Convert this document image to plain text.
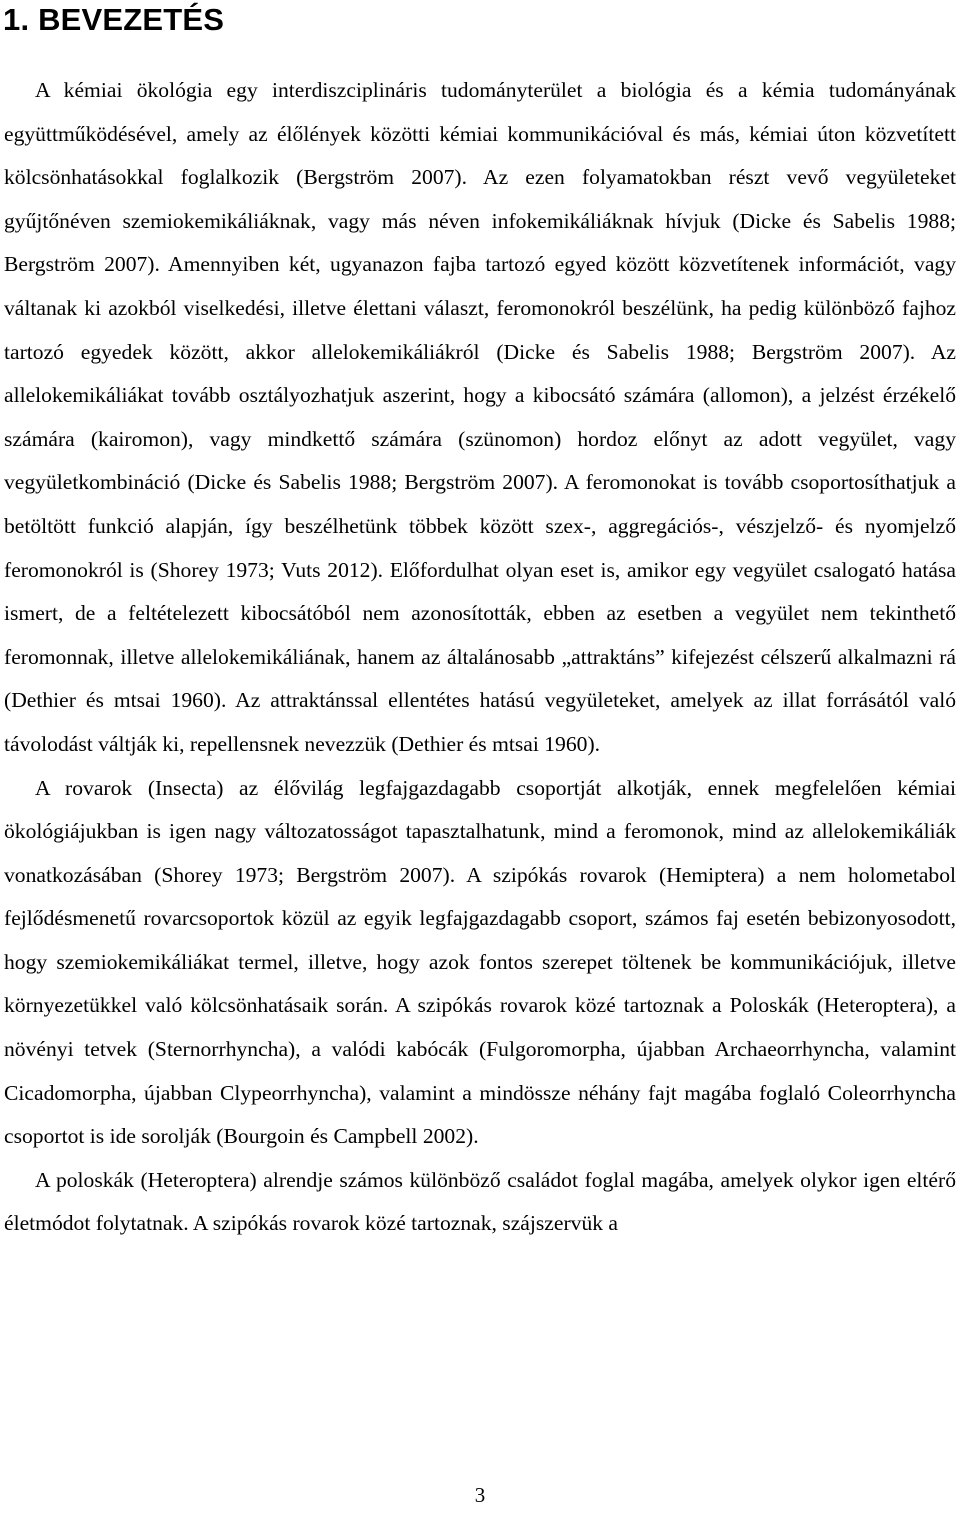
1. BEVEZETÉS

A kémiai ökológia egy interdiszciplináris tudományterület a biológia és a kémia tudományának együttműködésével, amely az élőlények közötti kémiai kommunikációval és más, kémiai úton közvetített kölcsönhatásokkal foglalkozik (Bergström 2007). Az ezen folyamatokban részt vevő vegyületeket gyűjtőnéven szemiokemikáliáknak, vagy más néven infokemikáliáknak hívjuk (Dicke és Sabelis 1988; Bergström 2007). Amennyiben két, ugyanazon fajba tartozó egyed között közvetítenek információt, vagy váltanak ki azokból viselkedési, illetve élettani választ, feromonokról beszélünk, ha pedig különböző fajhoz tartozó egyedek között, akkor allelokemikáliákról (Dicke és Sabelis 1988; Bergström 2007). Az allelokemikáliákat tovább osztályozhatjuk aszerint, hogy a kibocsátó számára (allomon), a jelzést érzékelő számára (kairomon), vagy mindkettő számára (szünomon) hordoz előnyt az adott vegyület, vagy vegyületkombináció (Dicke és Sabelis 1988; Bergström 2007). A feromonokat is tovább csoportosíthatjuk a betöltött funkció alapján, így beszélhetünk többek között szex-, aggregációs-, vészjelző- és nyomjelző feromonokról is (Shorey 1973; Vuts 2012). Előfordulhat olyan eset is, amikor egy vegyület csalogató hatása ismert, de a feltételezett kibocsátóból nem azonosították, ebben az esetben a vegyület nem tekinthető feromonnak, illetve allelokemikáliának, hanem az általánosabb „attraktáns” kifejezést célszerű alkalmazni rá (Dethier és mtsai 1960). Az attraktánssal ellentétes hatású vegyületeket, amelyek az illat forrásától való távolodást váltják ki, repellensnek nevezzük (Dethier és mtsai 1960).

A rovarok (Insecta) az élővilág legfajgazdagabb csoportját alkotják, ennek megfelelően kémiai ökológiájukban is igen nagy változatosságot tapasztalhatunk, mind a feromonok, mind az allelokemikáliák vonatkozásában (Shorey 1973; Bergström 2007). A szipókás rovarok (Hemiptera) a nem holometabol fejlődésmenetű rovarcsoportok közül az egyik legfajgazdagabb csoport, számos faj esetén bebizonyosodott, hogy szemiokemikáliákat termel, illetve, hogy azok fontos szerepet töltenek be kommunikációjuk, illetve környezetükkel való kölcsönhatásaik során. A szipókás rovarok közé tartoznak a Poloskák (Heteroptera), a növényi tetvek (Sternorrhyncha), a valódi kabócák (Fulgoromorpha, újabban Archaeorrhyncha, valamint Cicadomorpha, újabban Clypeorrhyncha), valamint a mindössze néhány fajt magába foglaló Coleorrhyncha csoportot is ide sorolják (Bourgoin és Campbell 2002).

A poloskák (Heteroptera) alrendje számos különböző családot foglal magába, amelyek olykor igen eltérő életmódot folytatnak. A szipókás rovarok közé tartoznak, szájszervük a

3
